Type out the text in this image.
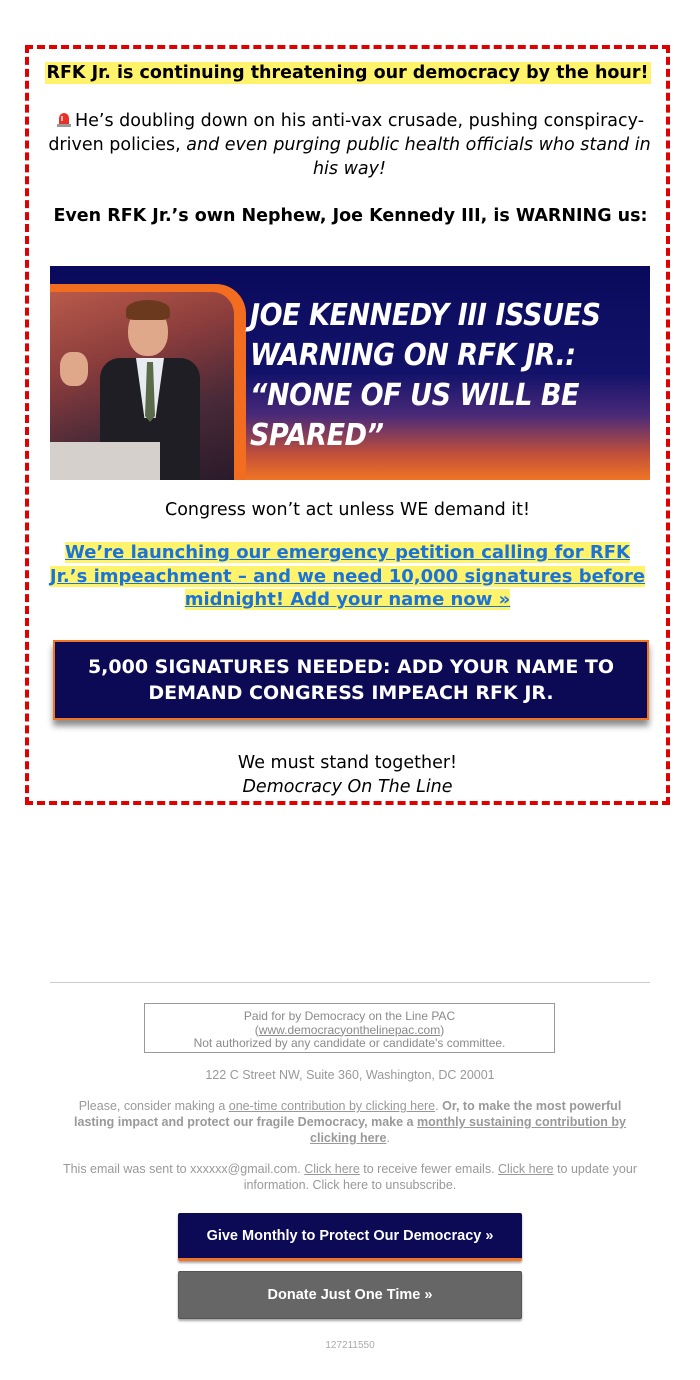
RFK Jr. is continuing threatening our democracy by the hour!
He’s doubling down on his anti-vax crusade, pushing conspiracy-driven policies, and even purging public health officials who stand in his way!
Even RFK Jr.’s own Nephew, Joe Kennedy III, is WARNING us:
JOE KENNEDY III ISSUES
WARNING ON RFK JR.:
“NONE OF US WILL BE
SPARED”
Congress won’t act unless WE demand it!
We’re launching our emergency petition calling for RFK Jr.’s impeachment – and we need 10,000 signatures before midnight! Add your name now »
5,000 SIGNATURES NEEDED: ADD YOUR NAME TO DEMAND CONGRESS IMPEACH RFK JR.
We must stand together!
Democracy On The Line
Paid for by Democracy on the Line PAC
(www.democracyonthelinepac.com)
Not authorized by any candidate or candidate's committee.
122 C Street NW, Suite 360, Washington, DC 20001
Please, consider making a one-time contribution by clicking here. Or, to make the most powerful lasting impact and protect our fragile Democracy, make a monthly sustaining contribution by clicking here.
This email was sent to xxxxxx@gmail.com. Click here to receive fewer emails. Click here to update your information. Click here to unsubscribe.
Give Monthly to Protect Our Democracy »
Donate Just One Time »
127211550
